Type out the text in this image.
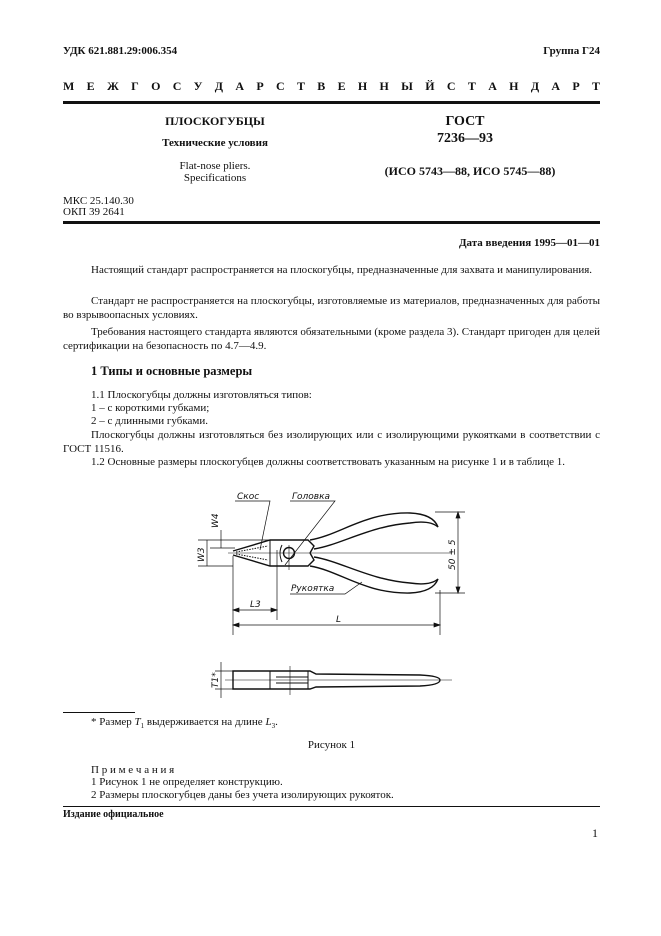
УДК 621.881.29:006.354	Группа Г24
М Е Ж Г О С У Д А Р С Т В Е Н Н Ы Й С Т А Н Д А Р Т
ПЛОСКОГУБЦЫ
Технические условия
Flat-nose pliers.
Specifications
ГОСТ
7236—93
(ИСО 5743—88, ИСО 5745—88)
МКС 25.140.30
ОКП 39 2641
Дата введения 1995—01—01
Настоящий стандарт распространяется на плоскогубцы, предназначенные для захвата и манипулирования.
Стандарт не распространяется на плоскогубцы, изготовляемые из материалов, предназначенных для работы во взрывоопасных условиях.
Требования настоящего стандарта являются обязательными (кроме раздела 3). Стандарт пригоден для целей сертификации на безопасность по 4.7—4.9.
1 Типы и основные размеры
1.1 Плоскогубцы должны изготовляться типов:
1 – с короткими губками;
2 – с длинными губками.
Плоскогубцы должны изготовляться без изолирующих или с изолирующими рукоятками в соответствии с ГОСТ 11516.
1.2 Основные размеры плоскогубцев должны соответствовать указанным на рисунке 1 и в таблице 1.
Скос	Головка
Рукоятка
W4
W3	50 ± 5
L3
L
T1*
* Размер $T_1$ выдерживается на длине $L_3$.
Рисунок 1
П р и м е ч а н и я
1 Рисунок 1 не определяет конструкцию.
2 Размеры плоскогубцев даны без учета изолирующих рукояток.
Издание официальное
1
